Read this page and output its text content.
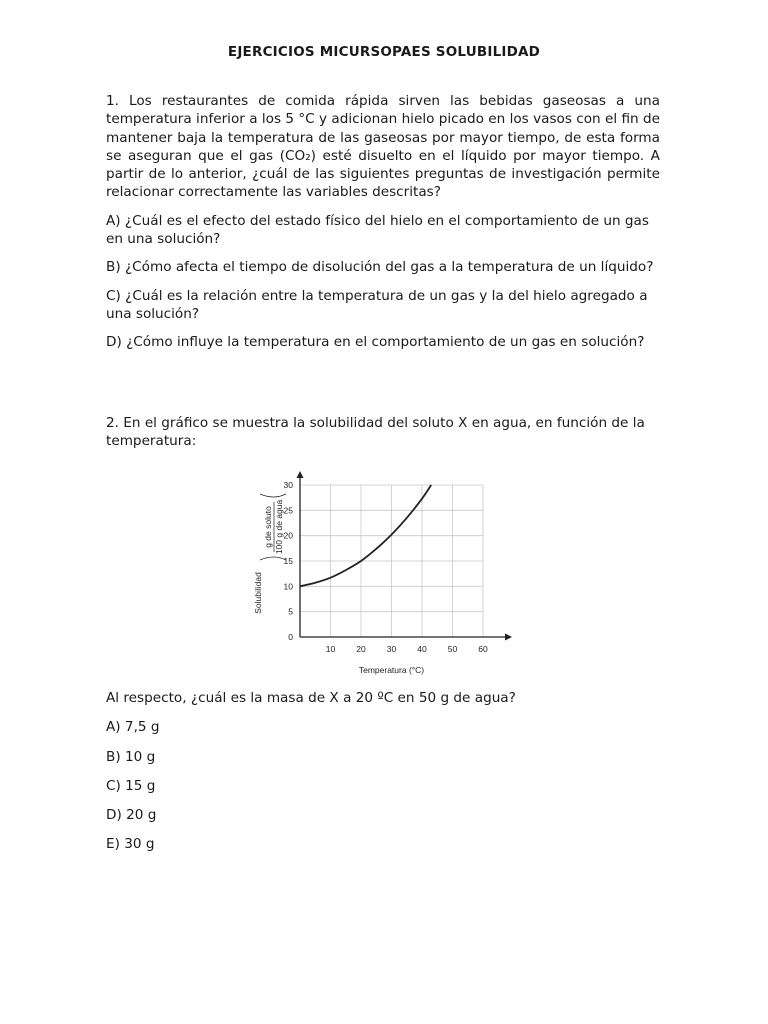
EJERCICIOS MICURSOPAES SOLUBILIDAD

1. Los restaurantes de comida rápida sirven las bebidas gaseosas a una temperatura inferior a los 5 °C y adicionan hielo picado en los vasos con el fin de mantener baja la temperatura de las gaseosas por mayor tiempo, de esta forma se aseguran que el gas (CO₂) esté disuelto en el líquido por mayor tiempo. A partir de lo anterior, ¿cuál de las siguientes preguntas de investigación permite relacionar correctamente las variables descritas?

A) ¿Cuál es el efecto del estado físico del hielo en el comportamiento de un gas en una solución?

B) ¿Cómo afecta el tiempo de disolución del gas a la temperatura de un líquido?

C) ¿Cuál es la relación entre la temperatura de un gas y la del hielo agregado a una solución?

D) ¿Cómo influye la temperatura en el comportamiento de un gas en solución?

2. En el gráfico se muestra la solubilidad del soluto X en agua, en función de la temperatura:

0
5
10
15
20
25
30
10 20 30 40 50 60
Temperatura (°C)
Solubilidad
g de soluto 100 g de agua

Al respecto, ¿cuál es la masa de X a 20 ºC en 50 g de agua?

A) 7,5 g

B) 10 g

C) 15 g

D) 20 g

E) 30 g
